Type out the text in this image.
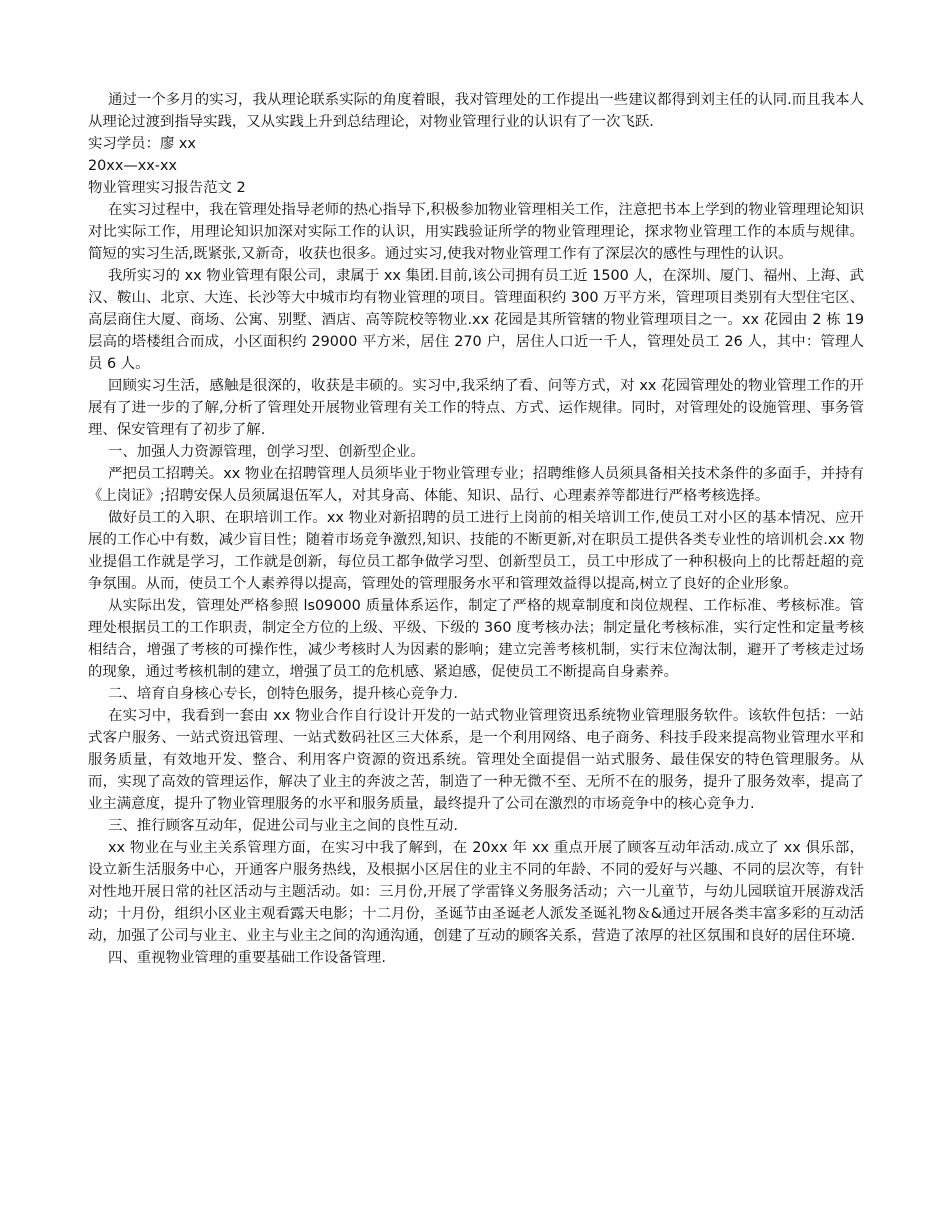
通过一个多月的实习，我从理论联系实际的角度着眼，我对管理处的工作提出一些建议都得到刘主任的认同.而且我本人从理论过渡到指导实践，又从实践上升到总结理论，对物业管理行业的认识有了一次飞跃.

实习学员：廖 xx

20xx—xx-xx

物业管理实习报告范文 2

在实习过程中，我在管理处指导老师的热心指导下,积极参加物业管理相关工作，注意把书本上学到的物业管理理论知识对比实际工作，用理论知识加深对实际工作的认识，用实践验证所学的物业管理理论，探求物业管理工作的本质与规律。简短的实习生活,既紧张,又新奇，收获也很多。通过实习,使我对物业管理工作有了深层次的感性与理性的认识。

我所实习的 xx 物业管理有限公司，隶属于 xx 集团.目前,该公司拥有员工近 1500 人，在深圳、厦门、福州、上海、武汉、鞍山、北京、大连、长沙等大中城市均有物业管理的项目。管理面积约 300 万平方米，管理项目类别有大型住宅区、高层商住大厦、商场、公寓、别墅、酒店、高等院校等物业.xx 花园是其所管辖的物业管理项目之一。xx 花园由 2 栋 19 层高的塔楼组合而成，小区面积约 29000 平方米，居住 270 户，居住人口近一千人，管理处员工 26 人，其中：管理人员 6 人。

回顾实习生活，感触是很深的，收获是丰硕的。实习中,我采纳了看、问等方式，对 xx 花园管理处的物业管理工作的开展有了进一步的了解,分析了管理处开展物业管理有关工作的特点、方式、运作规律。同时，对管理处的设施管理、事务管理、保安管理有了初步了解.

一、加强人力资源管理，创学习型、创新型企业。

严把员工招聘关。xx 物业在招聘管理人员须毕业于物业管理专业；招聘维修人员须具备相关技术条件的多面手，并持有《上岗证》;招聘安保人员须属退伍军人，对其身高、体能、知识、品行、心理素养等都进行严格考核选择。

做好员工的入职、在职培训工作。xx 物业对新招聘的员工进行上岗前的相关培训工作,使员工对小区的基本情况、应开展的工作心中有数，减少盲目性；随着市场竞争激烈,知识、技能的不断更新,对在职员工提供各类专业性的培训机会.xx 物业提倡工作就是学习，工作就是创新，每位员工都争做学习型、创新型员工，员工中形成了一种积极向上的比帮赶超的竞争氛围。从而，使员工个人素养得以提高，管理处的管理服务水平和管理效益得以提高,树立了良好的企业形象。

从实际出发，管理处严格参照 ls09000 质量体系运作，制定了严格的规章制度和岗位规程、工作标准、考核标准。管理处根据员工的工作职责，制定全方位的上级、平级、下级的 360 度考核办法；制定量化考核标准，实行定性和定量考核相结合，增强了考核的可操作性，减少考核时人为因素的影响；建立完善考核机制，实行末位淘汰制，避开了考核走过场的现象，通过考核机制的建立，增强了员工的危机感、紧迫感，促使员工不断提高自身素养。

二、培育自身核心专长，创特色服务，提升核心竞争力.

在实习中，我看到一套由 xx 物业合作自行设计开发的一站式物业管理资迅系统物业管理服务软件。该软件包括：一站式客户服务、一站式资迅管理、一站式数码社区三大体系，是一个利用网络、电子商务、科技手段来提高物业管理水平和服务质量，有效地开发、整合、利用客户资源的资迅系统。管理处全面提倡一站式服务、最佳保安的特色管理服务。从而，实现了高效的管理运作，解决了业主的奔波之苦，制造了一种无微不至、无所不在的服务，提升了服务效率，提高了业主满意度，提升了物业管理服务的水平和服务质量，最终提升了公司在激烈的市场竞争中的核心竞争力.

三、推行顾客互动年，促进公司与业主之间的良性互动.

xx 物业在与业主关系管理方面，在实习中我了解到，在 20xx 年 xx 重点开展了顾客互动年活动.成立了 xx 俱乐部，设立新生活服务中心，开通客户服务热线，及根据小区居住的业主不同的年龄、不同的爱好与兴趣、不同的层次等，有针对性地开展日常的社区活动与主题活动。如：三月份,开展了学雷锋义务服务活动；六一儿童节，与幼儿园联谊开展游戏活动；十月份，组织小区业主观看露天电影；十二月份，圣诞节由圣诞老人派发圣诞礼物＆&通过开展各类丰富多彩的互动活动，加强了公司与业主、业主与业主之间的沟通沟通，创建了互动的顾客关系，营造了浓厚的社区氛围和良好的居住环境.

四、重视物业管理的重要基础工作设备管理.
